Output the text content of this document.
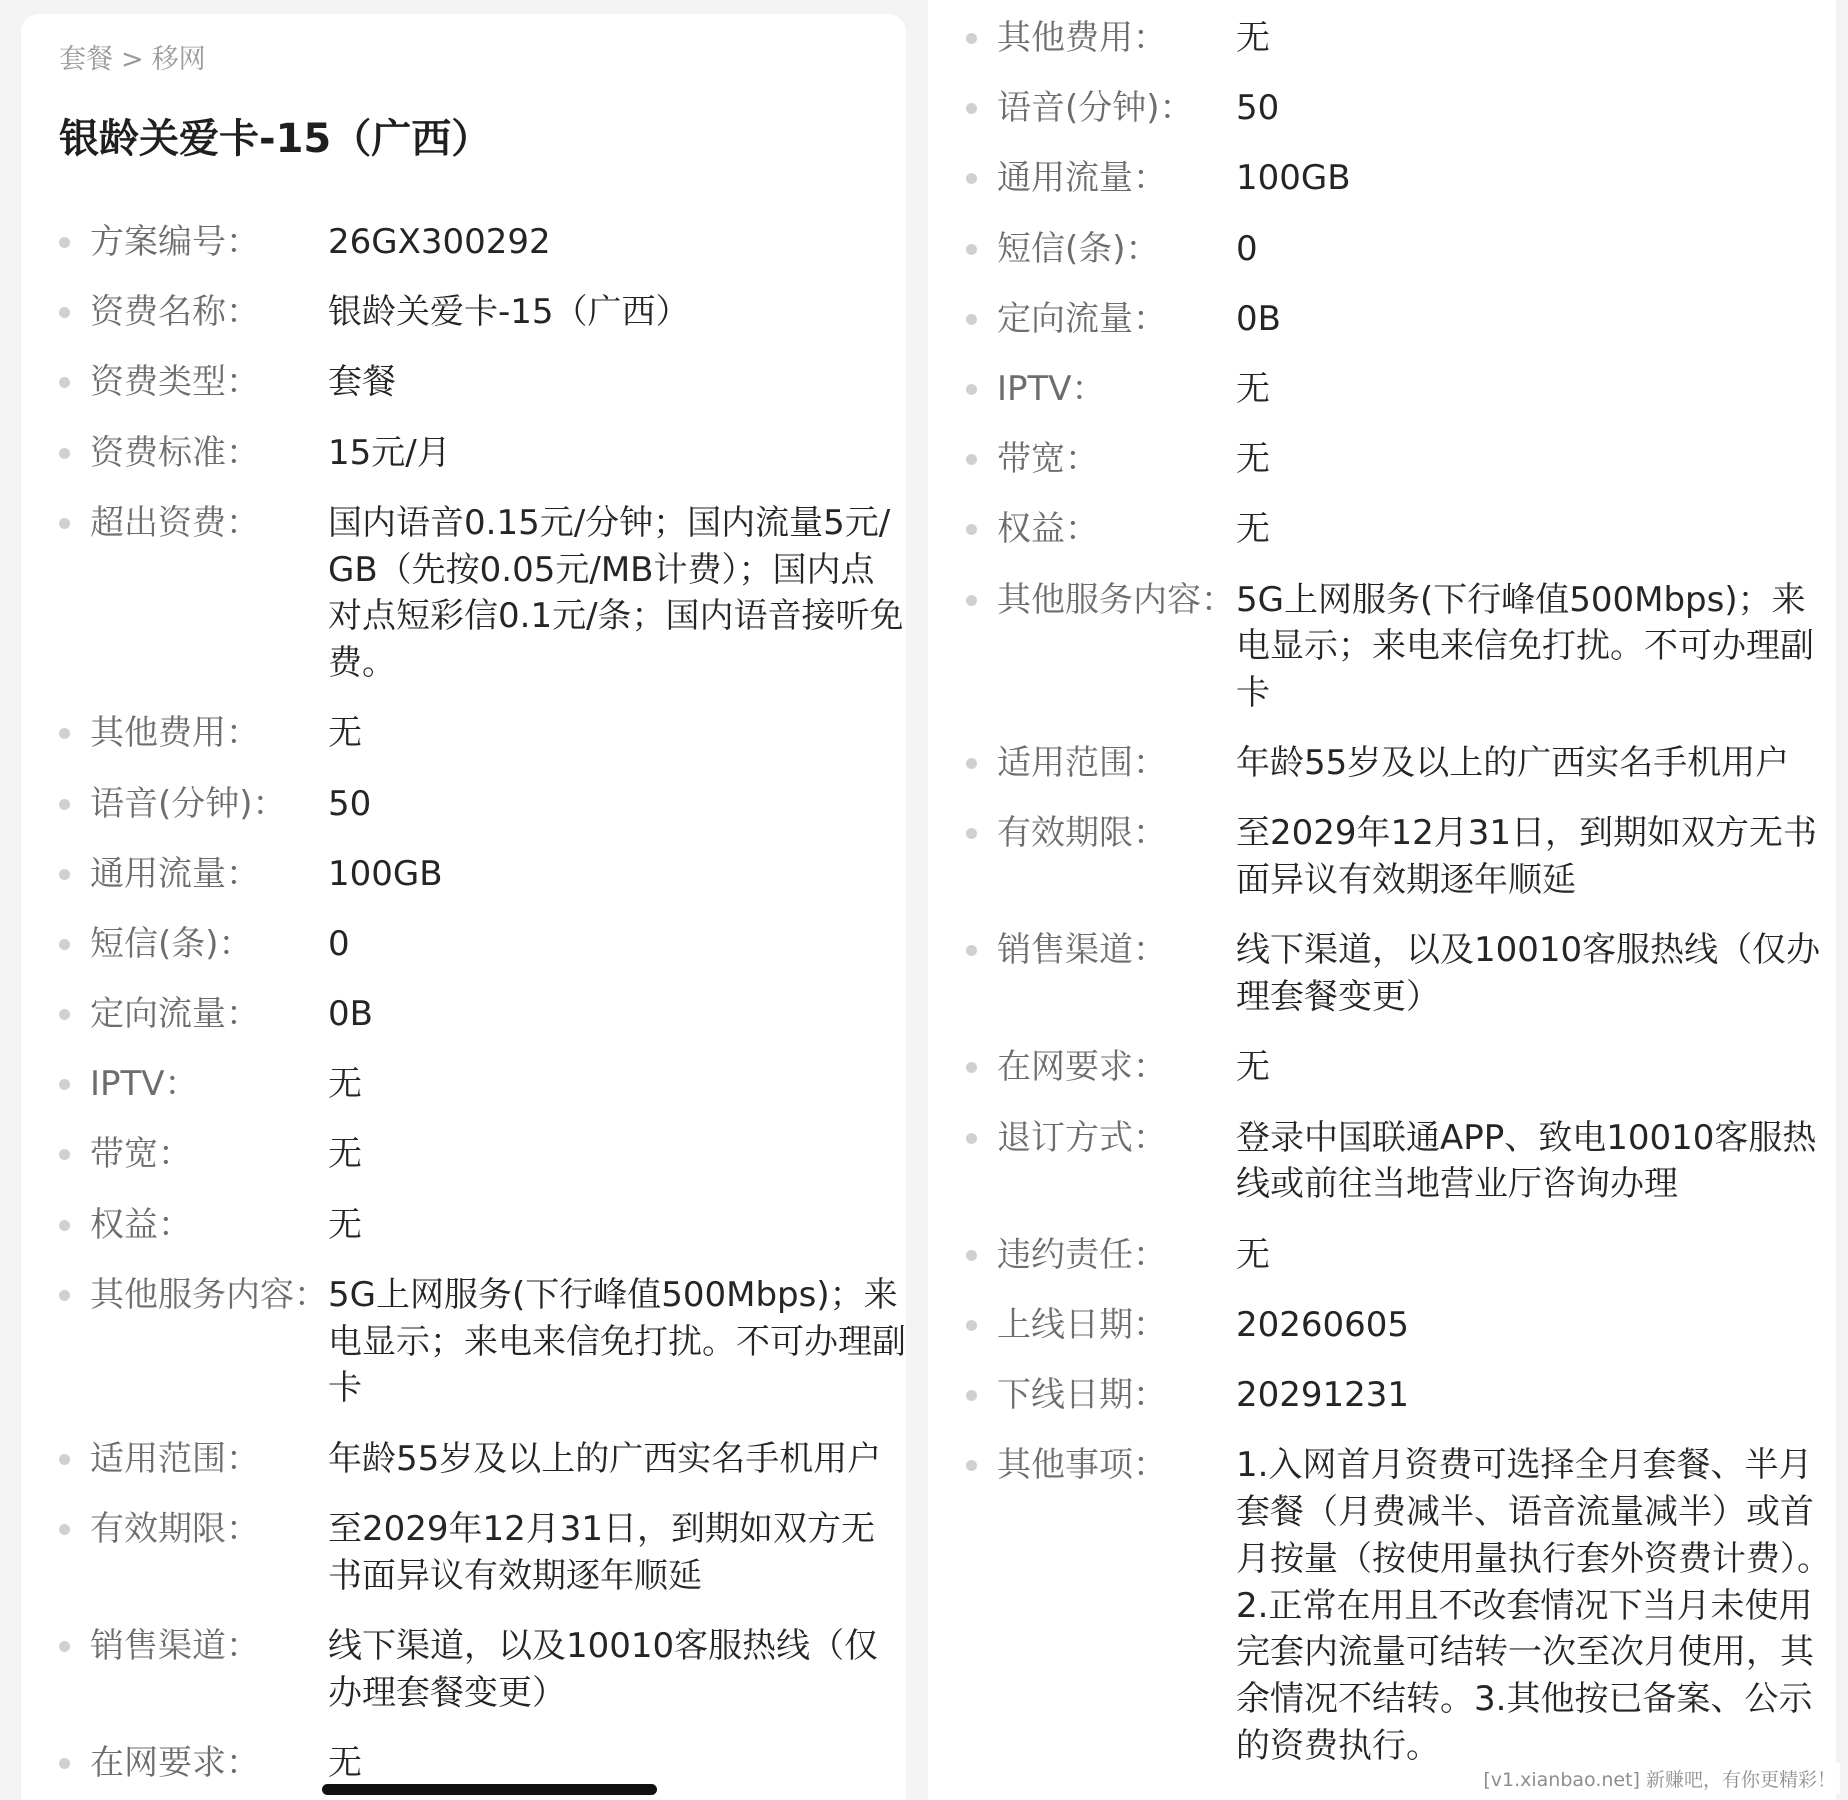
套餐 > 移网
银龄关爱卡-15（广西）
方案编号： 26GX300292
资费名称： 银龄关爱卡-15（广西）
资费类型： 套餐
资费标准： 15元/月
超出资费： 国内语音0.15元/分钟；国内流量5元/GB（先按0.05元/MB计费）；国内点对点短彩信0.1元/条；国内语音接听免费。
其他费用： 无
语音(分钟)： 50
通用流量： 100GB
短信(条)： 0
定向流量： 0B
IPTV：	无
带宽：	无
权益：	无
其他服务内容： 5G上网服务(下行峰值500Mbps)；来电显示；来电来信免打扰。不可办理副卡
适用范围： 年龄55岁及以上的广西实名手机用户
有效期限： 至2029年12月31日，到期如双方无书面异议有效期逐年顺延
销售渠道： 线下渠道，以及10010客服热线（仅办理套餐变更）
在网要求： 无
其他费用： 无
语音(分钟)： 50
通用流量： 100GB
短信(条)： 0
定向流量： 0B
IPTV：	无
带宽：	无
权益：	无
其他服务内容： 5G上网服务(下行峰值500Mbps)；来电显示；来电来信免打扰。不可办理副卡
适用范围： 年龄55岁及以上的广西实名手机用户
有效期限： 至2029年12月31日，到期如双方无书面异议有效期逐年顺延
销售渠道： 线下渠道，以及10010客服热线（仅办理套餐变更）
在网要求： 无
退订方式： 登录中国联通APP、致电10010客服热线或前往当地营业厅咨询办理
违约责任： 无
上线日期： 20260605
下线日期： 20291231
其他事项： 1.入网首月资费可选择全月套餐、半月套餐（月费减半、语音流量减半）或首月按量（按使用量执行套外资费计费）。2.正常在用且不改套情况下当月未使用完套内流量可结转一次至次月使用，其余情况不结转。3.其他按已备案、公示的资费执行。
[v1.xianbao.net] 新赚吧，有你更精彩！
